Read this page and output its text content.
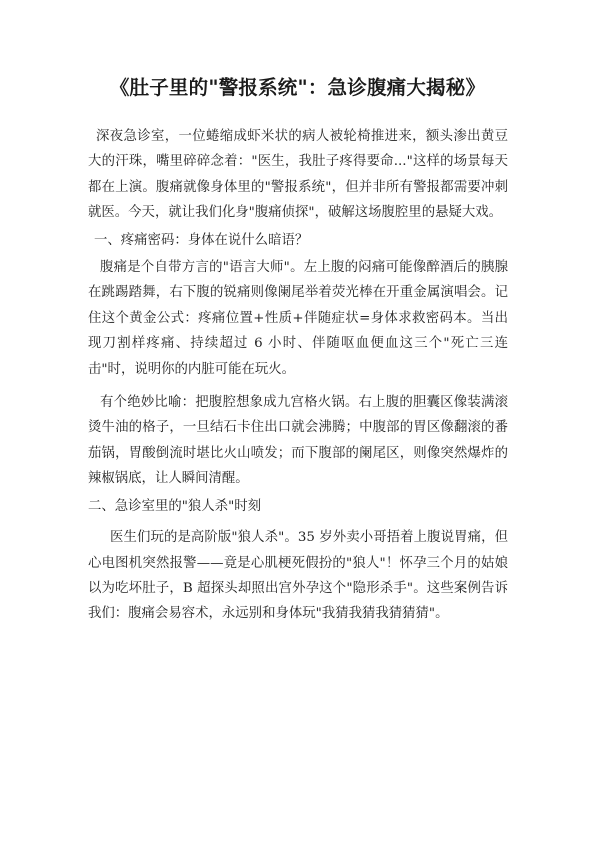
《肚子里的"警报系统"：急诊腹痛大揭秘》

深夜急诊室，一位蜷缩成虾米状的病人被轮椅推进来，额头渗出黄豆大的汗珠，嘴里碎碎念着："医生，我肚子疼得要命..."这样的场景每天都在上演。腹痛就像身体里的"警报系统"，但并非所有警报都需要冲刺就医。今天，就让我们化身"腹痛侦探"，破解这场腹腔里的悬疑大戏。

一、疼痛密码：身体在说什么暗语？

腹痛是个自带方言的"语言大师"。左上腹的闷痛可能像醉酒后的胰腺在跳踢踏舞，右下腹的锐痛则像阑尾举着荧光棒在开重金属演唱会。记住这个黄金公式：疼痛位置+性质+伴随症状=身体求救密码本。当出现刀割样疼痛、持续超过 6 小时、伴随呕血便血这三个"死亡三连击"时，说明你的内脏可能在玩火。

有个绝妙比喻：把腹腔想象成九宫格火锅。右上腹的胆囊区像装满滚烫牛油的格子，一旦结石卡住出口就会沸腾；中腹部的胃区像翻滚的番茄锅，胃酸倒流时堪比火山喷发；而下腹部的阑尾区，则像突然爆炸的辣椒锅底，让人瞬间清醒。

二、急诊室里的"狼人杀"时刻

医生们玩的是高阶版"狼人杀"。35 岁外卖小哥捂着上腹说胃痛，但心电图机突然报警——竟是心肌梗死假扮的"狼人"！怀孕三个月的姑娘以为吃坏肚子，B 超探头却照出宫外孕这个"隐形杀手"。这些案例告诉我们：腹痛会易容术，永远别和身体玩"我猜我猜我猜猜猜"。
